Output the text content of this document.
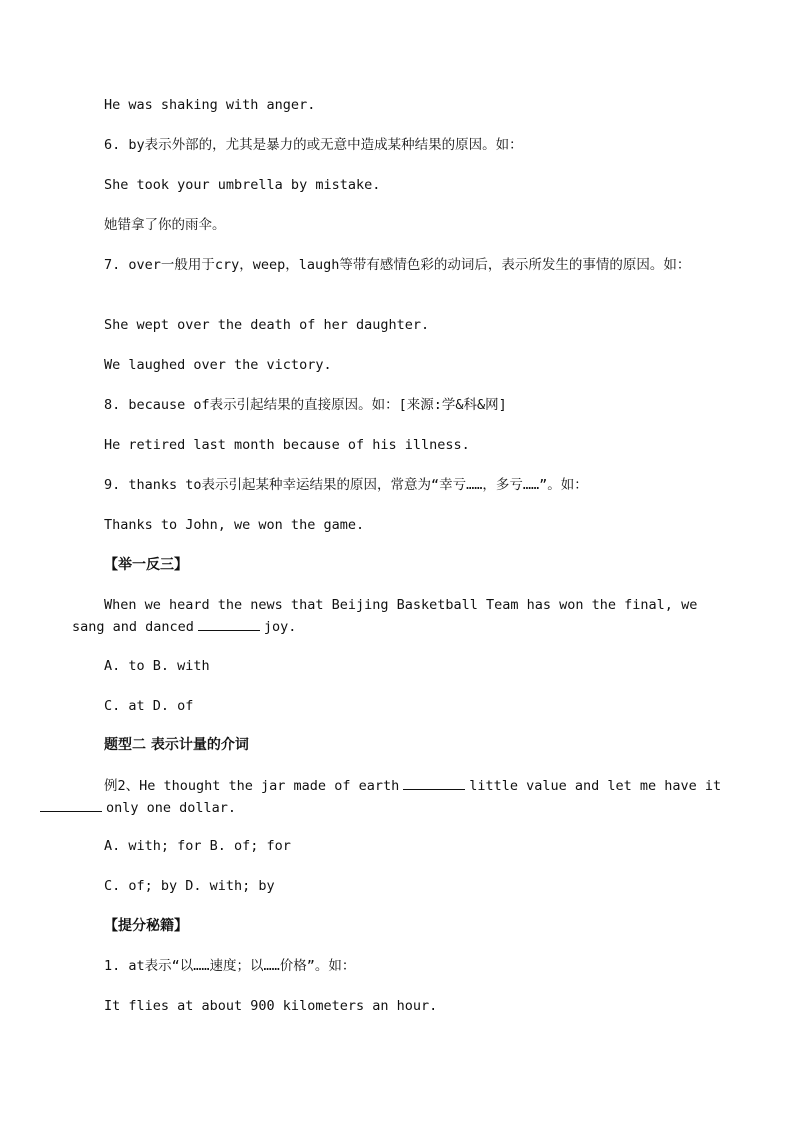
He was shaking with anger.
6. by表示外部的，尤其是暴力的或无意中造成某种结果的原因。如：
She took your umbrella by mistake.
她错拿了你的雨伞。
7. over一般用于cry，weep，laugh等带有感情色彩的动词后，表示所发生的事情的原因。如：
She wept over the death of her daughter.
We laughed over the victory.
8. because of表示引起结果的直接原因。如：[来源:学&科&网]
He retired last month because of his illness.
9. thanks to表示引起某种幸运结果的原因，常意为“幸亏……，多亏……”。如：
Thanks to John, we won the game.
【举一反三】
When we heard the news that Beijing Basketball Team has won the final, we sang and danced	joy.
A. to B. with
C. at D. of
题型二 表示计量的介词
例2、He thought the jar made of earth	little value and let me have it
only one dollar.
A. with; for B. of; for
C. of; by D. with; by
【提分秘籍】
1. at表示“以……速度；以……价格”。如：
It flies at about 900 kilometers an hour.
